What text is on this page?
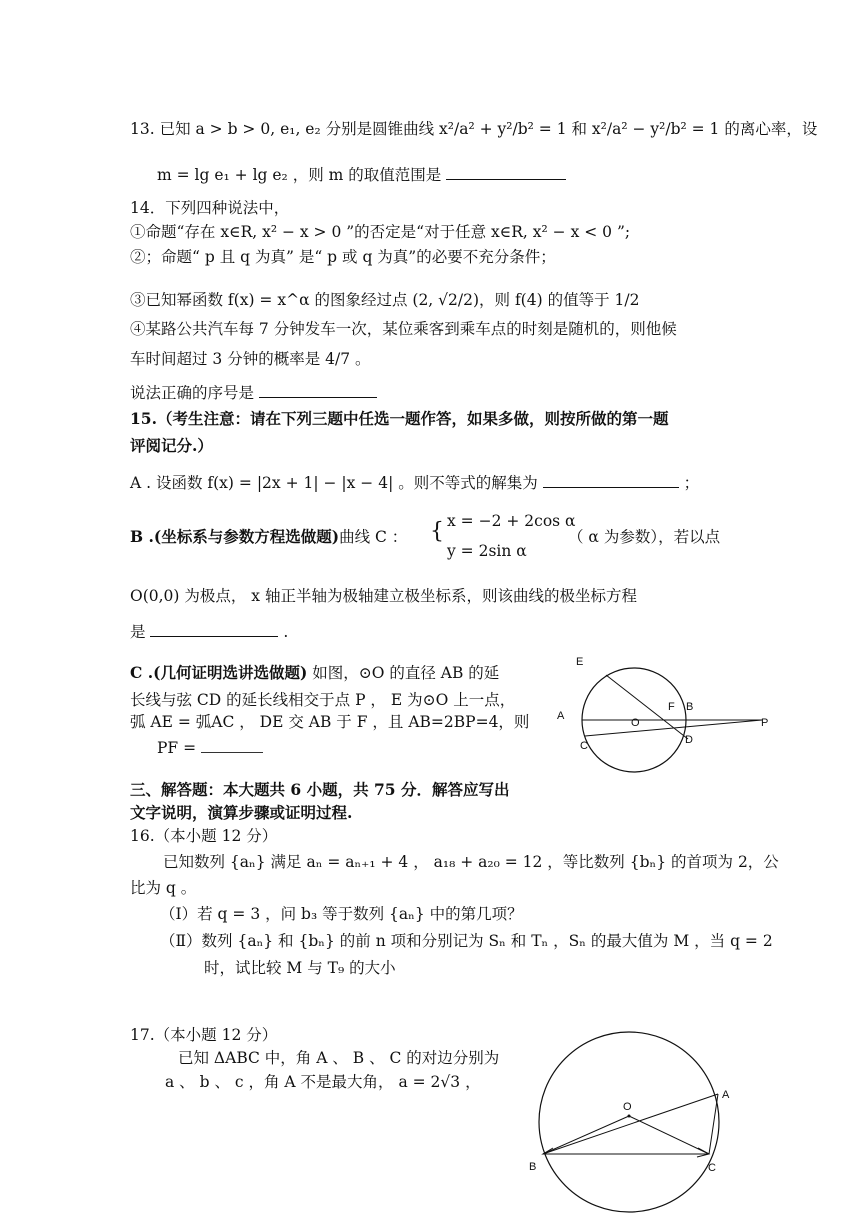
13. 已知 a > b > 0, e₁, e₂ 分别是圆锥曲线 x²/a² + y²/b² = 1 和 x²/a² − y²/b² = 1 的离心率，设
m = lg e₁ + lg e₂ ，则 m 的取值范围是
14．下列四种说法中，
①命题“存在 x∈R, x² − x > 0 ”的否定是“对于任意 x∈R, x² − x < 0 ”;
②；命题“ p 且 q 为真” 是“ p 或 q 为真”的必要不充分条件；
③已知幂函数 f(x) = x^α 的图象经过点 (2, √2/2)，则 f(4) 的值等于 1/2
④某路公共汽车每 7 分钟发车一次，某位乘客到乘车点的时刻是随机的，则他候
车时间超过 3 分钟的概率是 4/7 。
说法正确的序号是
15.（考生注意：请在下列三题中任选一题作答，如果多做，则按所做的第一题
评阅记分.）
A . 设函数 f(x) = |2x + 1| − |x − 4| 。则不等式的解集为	；
B .(坐标系与参数方程选做题)曲线 C ： { x = −2 + 2cos α
y = 2sin α
（ α 为参数），若以点
O(0,0) 为极点， x 轴正半轴为极轴建立极坐标系，则该曲线的极坐标方程
是	.
C .(几何证明选讲选做题) 如图，⊙O 的直径 AB 的延
长线与弦 CD 的延长线相交于点 P ， E 为⊙O 上一点，
弧 AE = 弧AC ， DE 交 AB 于 F ，且 AB=2BP=4，则
PF =
E
F B
A
O	P
D
C
三、解答题：本大题共 6 小题，共 75 分．解答应写出
文字说明，演算步骤或证明过程.
16.（本小题 12 分）
已知数列 {aₙ} 满足 aₙ = aₙ₊₁ + 4 ， a₁₈ + a₂₀ = 12 ，等比数列 {bₙ} 的首项为 2，公
比为 q 。
（Ⅰ）若 q = 3 ，问 b₃ 等于数列 {aₙ} 中的第几项？
（Ⅱ）数列 {aₙ} 和 {bₙ} 的前 n 项和分别记为 Sₙ 和 Tₙ ，Sₙ 的最大值为 M ，当 q = 2
时，试比较 M 与 T₉ 的大小
17.（本小题 12 分）
已知 ΔABC 中，角 A 、 B 、 C 的对边分别为
a 、 b 、 c ，角 A 不是最大角， a = 2√3 ，
O
A
B	C
